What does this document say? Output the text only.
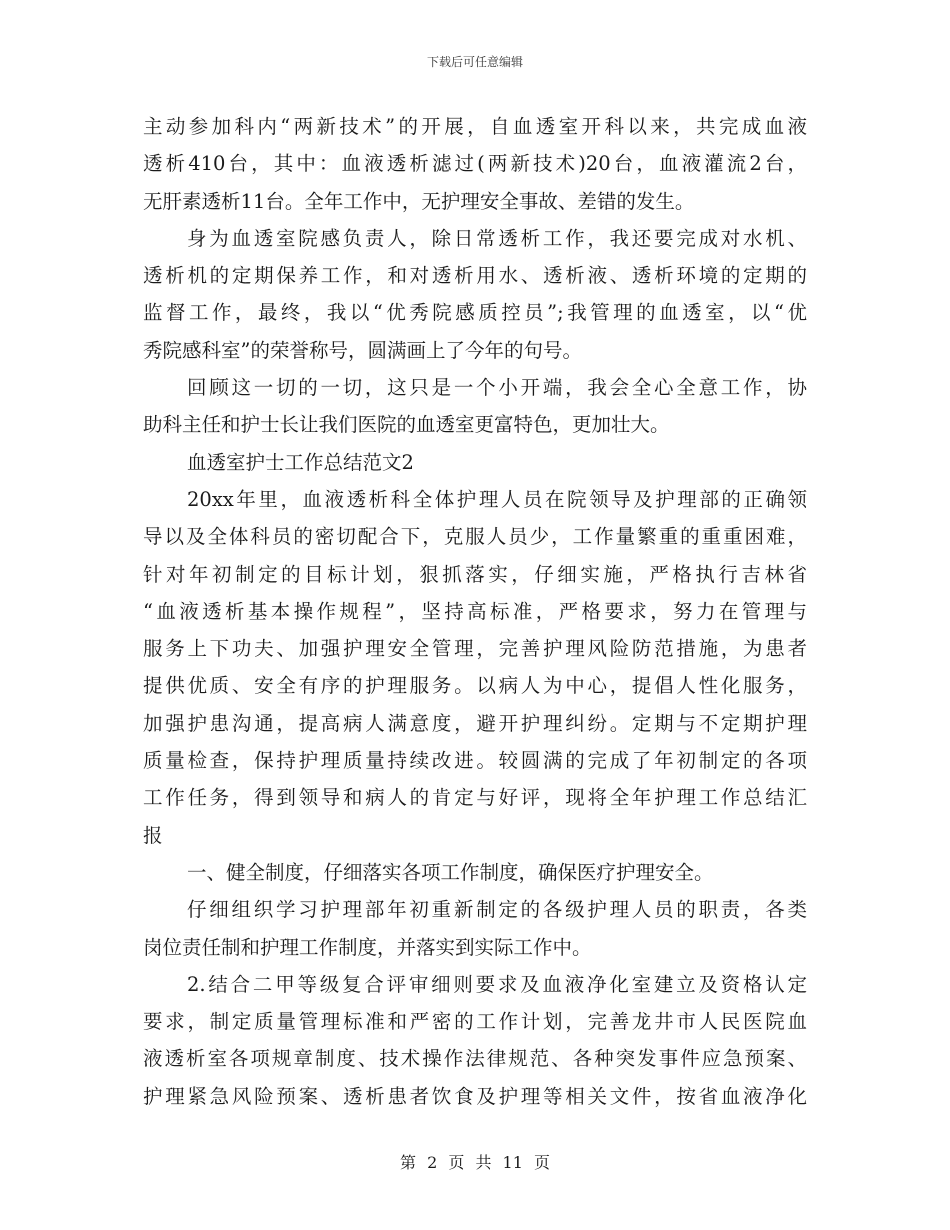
下载后可任意编辑
主动参加科内“两新技术”的开展，自血透室开科以来，共完成血液
透析410台，其中：血液透析滤过(两新技术)20台，血液灌流2台，
无肝素透析11台。全年工作中，无护理安全事故、差错的发生。
身为血透室院感负责人，除日常透析工作，我还要完成对水机、
透析机的定期保养工作，和对透析用水、透析液、透析环境的定期的
监督工作，最终，我以“优秀院感质控员”;我管理的血透室，以“优
秀院感科室”的荣誉称号，圆满画上了今年的句号。
回顾这一切的一切，这只是一个小开端，我会全心全意工作，协
助科主任和护士长让我们医院的血透室更富特色，更加壮大。
血透室护士工作总结范文2
20xx年里，血液透析科全体护理人员在院领导及护理部的正确领
导以及全体科员的密切配合下，克服人员少，工作量繁重的重重困难，
针对年初制定的目标计划，狠抓落实，仔细实施，严格执行吉林省
“血液透析基本操作规程”，坚持高标准，严格要求，努力在管理与
服务上下功夫、加强护理安全管理，完善护理风险防范措施，为患者
提供优质、安全有序的护理服务。以病人为中心，提倡人性化服务，
加强护患沟通，提高病人满意度，避开护理纠纷。定期与不定期护理
质量检查，保持护理质量持续改进。较圆满的完成了年初制定的各项
工作任务，得到领导和病人的肯定与好评，现将全年护理工作总结汇
报
一、健全制度，仔细落实各项工作制度，确保医疗护理安全。
仔细组织学习护理部年初重新制定的各级护理人员的职责，各类
岗位责任制和护理工作制度，并落实到实际工作中。
2.结合二甲等级复合评审细则要求及血液净化室建立及资格认定
要求，制定质量管理标准和严密的工作计划，完善龙井市人民医院血
液透析室各项规章制度、技术操作法律规范、各种突发事件应急预案、
护理紧急风险预案、透析患者饮食及护理等相关文件，按省血液净化
第 2 页 共 11 页
